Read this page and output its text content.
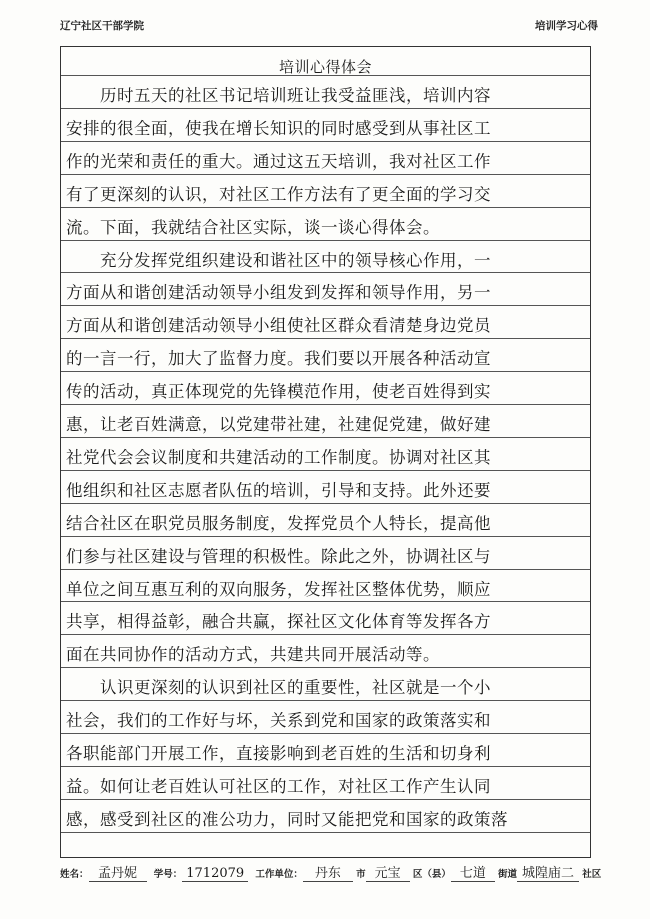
辽宁社区干部学院	培训学习心得
培训心得体会
　　历时五天的社区书记培训班让我受益匪浅，培训内容
安排的很全面，使我在增长知识的同时感受到从事社区工
作的光荣和责任的重大。通过这五天培训，我对社区工作
有了更深刻的认识，对社区工作方法有了更全面的学习交
流。下面，我就结合社区实际，谈一谈心得体会。
　　充分发挥党组织建设和谐社区中的领导核心作用，一
方面从和谐创建活动领导小组发到发挥和领导作用，另一
方面从和谐创建活动领导小组使社区群众看清楚身边党员
的一言一行，加大了监督力度。我们要以开展各种活动宣
传的活动，真正体现党的先锋模范作用，使老百姓得到实
惠，让老百姓满意，以党建带社建，社建促党建，做好建
社党代会会议制度和共建活动的工作制度。协调对社区其
他组织和社区志愿者队伍的培训，引导和支持。此外还要
结合社区在职党员服务制度，发挥党员个人特长，提高他
们参与社区建设与管理的积极性。除此之外，协调社区与
单位之间互惠互利的双向服务，发挥社区整体优势，顺应
共享，相得益彰，融合共赢，探社区文化体育等发挥各方
面在共同协作的活动方式，共建共同开展活动等。
　　认识更深刻的认识到社区的重要性，社区就是一个小
社会，我们的工作好与坏，关系到党和国家的政策落实和
各职能部门开展工作，直接影响到老百姓的生活和切身利
益。如何让老百姓认可社区的工作，对社区工作产生认同
感，感受到社区的准公功力，同时又能把党和国家的政策落
姓名： 孟丹妮 学号： 1712079 工作单位： 丹东 市 元宝 区（县） 七道 街道 城隍庙二 社区
